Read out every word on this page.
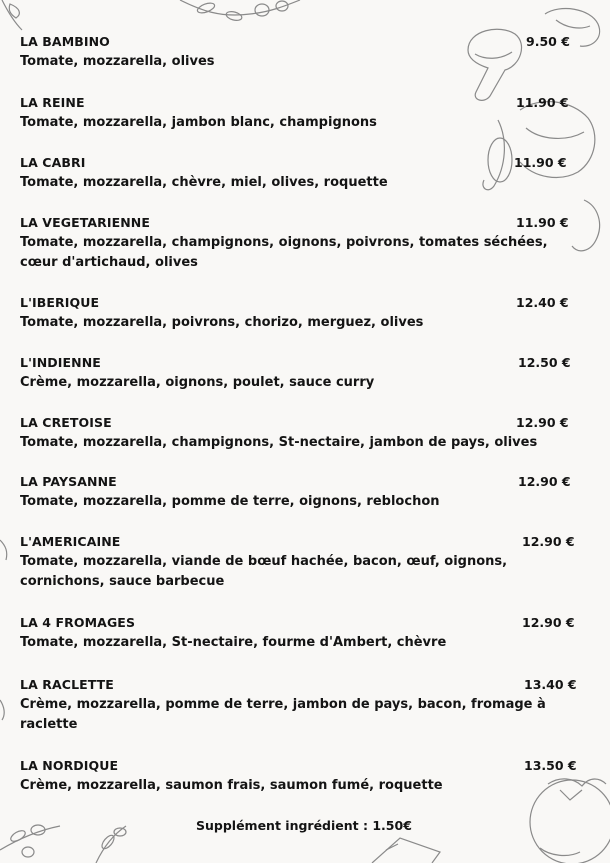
LA BAMBINO	9.50 €
Tomate, mozzarella, olives
LA REINE	11.90 €
Tomate, mozzarella, jambon blanc, champignons
LA CABRI	11.90 €
Tomate, mozzarella, chèvre, miel, olives, roquette
LA VEGETARIENNE	11.90 €
Tomate, mozzarella, champignons, oignons, poivrons, tomates séchées, cœur d'artichaud, olives
L'IBERIQUE	12.40 €
Tomate, mozzarella, poivrons, chorizo, merguez, olives
L'INDIENNE	12.50 €
Crème, mozzarella, oignons, poulet, sauce curry
LA CRETOISE	12.90 €
Tomate, mozzarella, champignons, St-nectaire, jambon de pays, olives
LA PAYSANNE	12.90 €
Tomate, mozzarella, pomme de terre, oignons, reblochon
L'AMERICAINE	12.90 €
Tomate, mozzarella, viande de bœuf hachée, bacon, œuf, oignons, cornichons, sauce barbecue
LA 4 FROMAGES	12.90 €
Tomate, mozzarella, St-nectaire, fourme d'Ambert, chèvre
LA RACLETTE	13.40 €
Crème, mozzarella, pomme de terre, jambon de pays, bacon, fromage à raclette
LA NORDIQUE	13.50 €
Crème, mozzarella, saumon frais, saumon fumé, roquette
Supplément ingrédient : 1.50€
